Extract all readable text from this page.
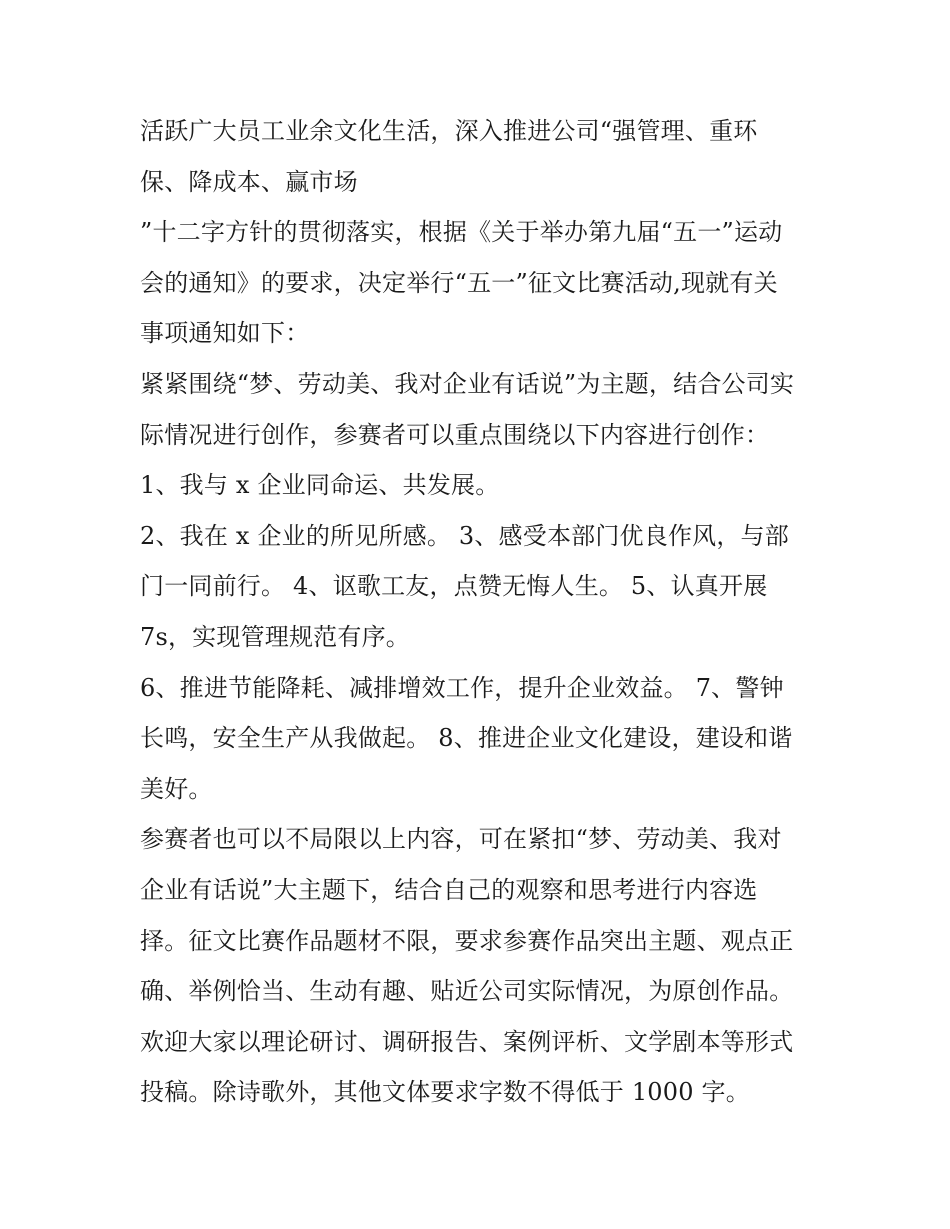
活跃广大员工业余文化生活，深入推进公司“强管理、重环
保、降成本、赢市场
”十二字方针的贯彻落实，根据《关于举办第九届“五一”运动
会的通知》的要求，决定举行“五一”征文比赛活动,现就有关
事项通知如下：
紧紧围绕“梦、劳动美、我对企业有话说”为主题，结合公司实
际情况进行创作，参赛者可以重点围绕以下内容进行创作：
1、我与 x 企业同命运、共发展。
2、我在 x 企业的所见所感。 3、感受本部门优良作风，与部
门一同前行。 4、讴歌工友，点赞无悔人生。 5、认真开展
7s，实现管理规范有序。
6、推进节能降耗、减排增效工作，提升企业效益。 7、警钟
长鸣，安全生产从我做起。 8、推进企业文化建设，建设和谐
美好。
参赛者也可以不局限以上内容，可在紧扣“梦、劳动美、我对
企业有话说”大主题下，结合自己的观察和思考进行内容选
择。征文比赛作品题材不限，要求参赛作品突出主题、观点正
确、举例恰当、生动有趣、贴近公司实际情况，为原创作品。
欢迎大家以理论研讨、调研报告、案例评析、文学剧本等形式
投稿。除诗歌外，其他文体要求字数不得低于 1000 字。
